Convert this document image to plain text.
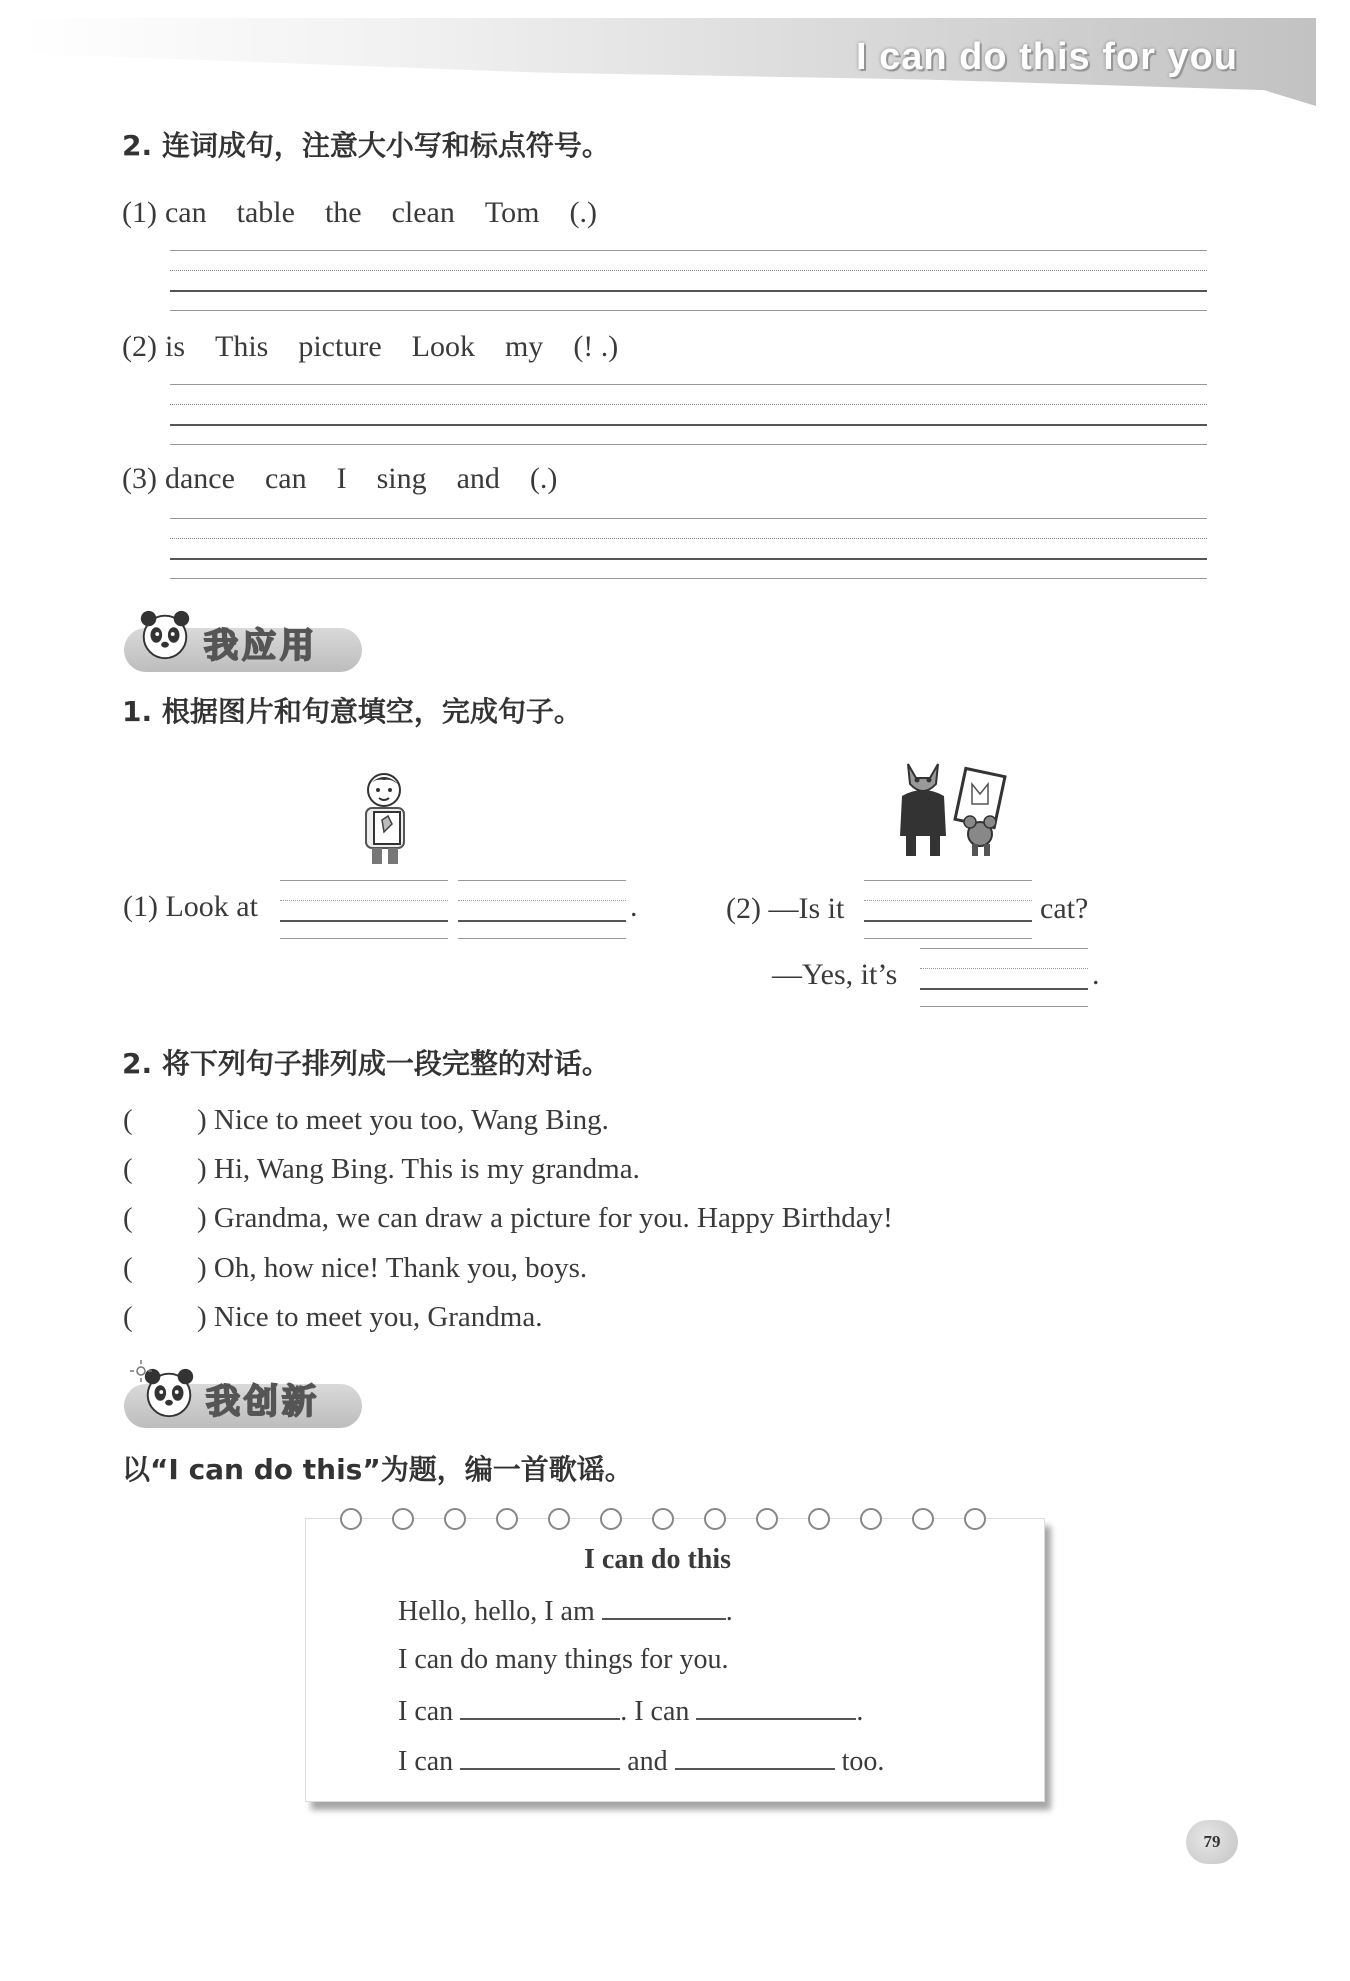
I can do this for you
2. 连词成句，注意大小写和标点符号。
(1) can table the clean Tom (.)
(2) is This picture Look my (! .)
(3) dance can I sing and (.)
我应用
1. 根据图片和句意填空，完成句子。
(1) Look at	.	(2) —Is it	cat?
—Yes, it’s	.
2. 将下列句子排列成一段完整的对话。
( ) Nice to meet you too, Wang Bing.
( ) Hi, Wang Bing. This is my grandma.
( ) Grandma, we can draw a picture for you. Happy Birthday!
( ) Oh, how nice! Thank you, boys.
( ) Nice to meet you, Grandma.
我创新
以“I can do this”为题，编一首歌谣。
I can do this
Hello, hello, I am	.
I can do many things for you.
I can	. I can	.
I can	and	too.
79
